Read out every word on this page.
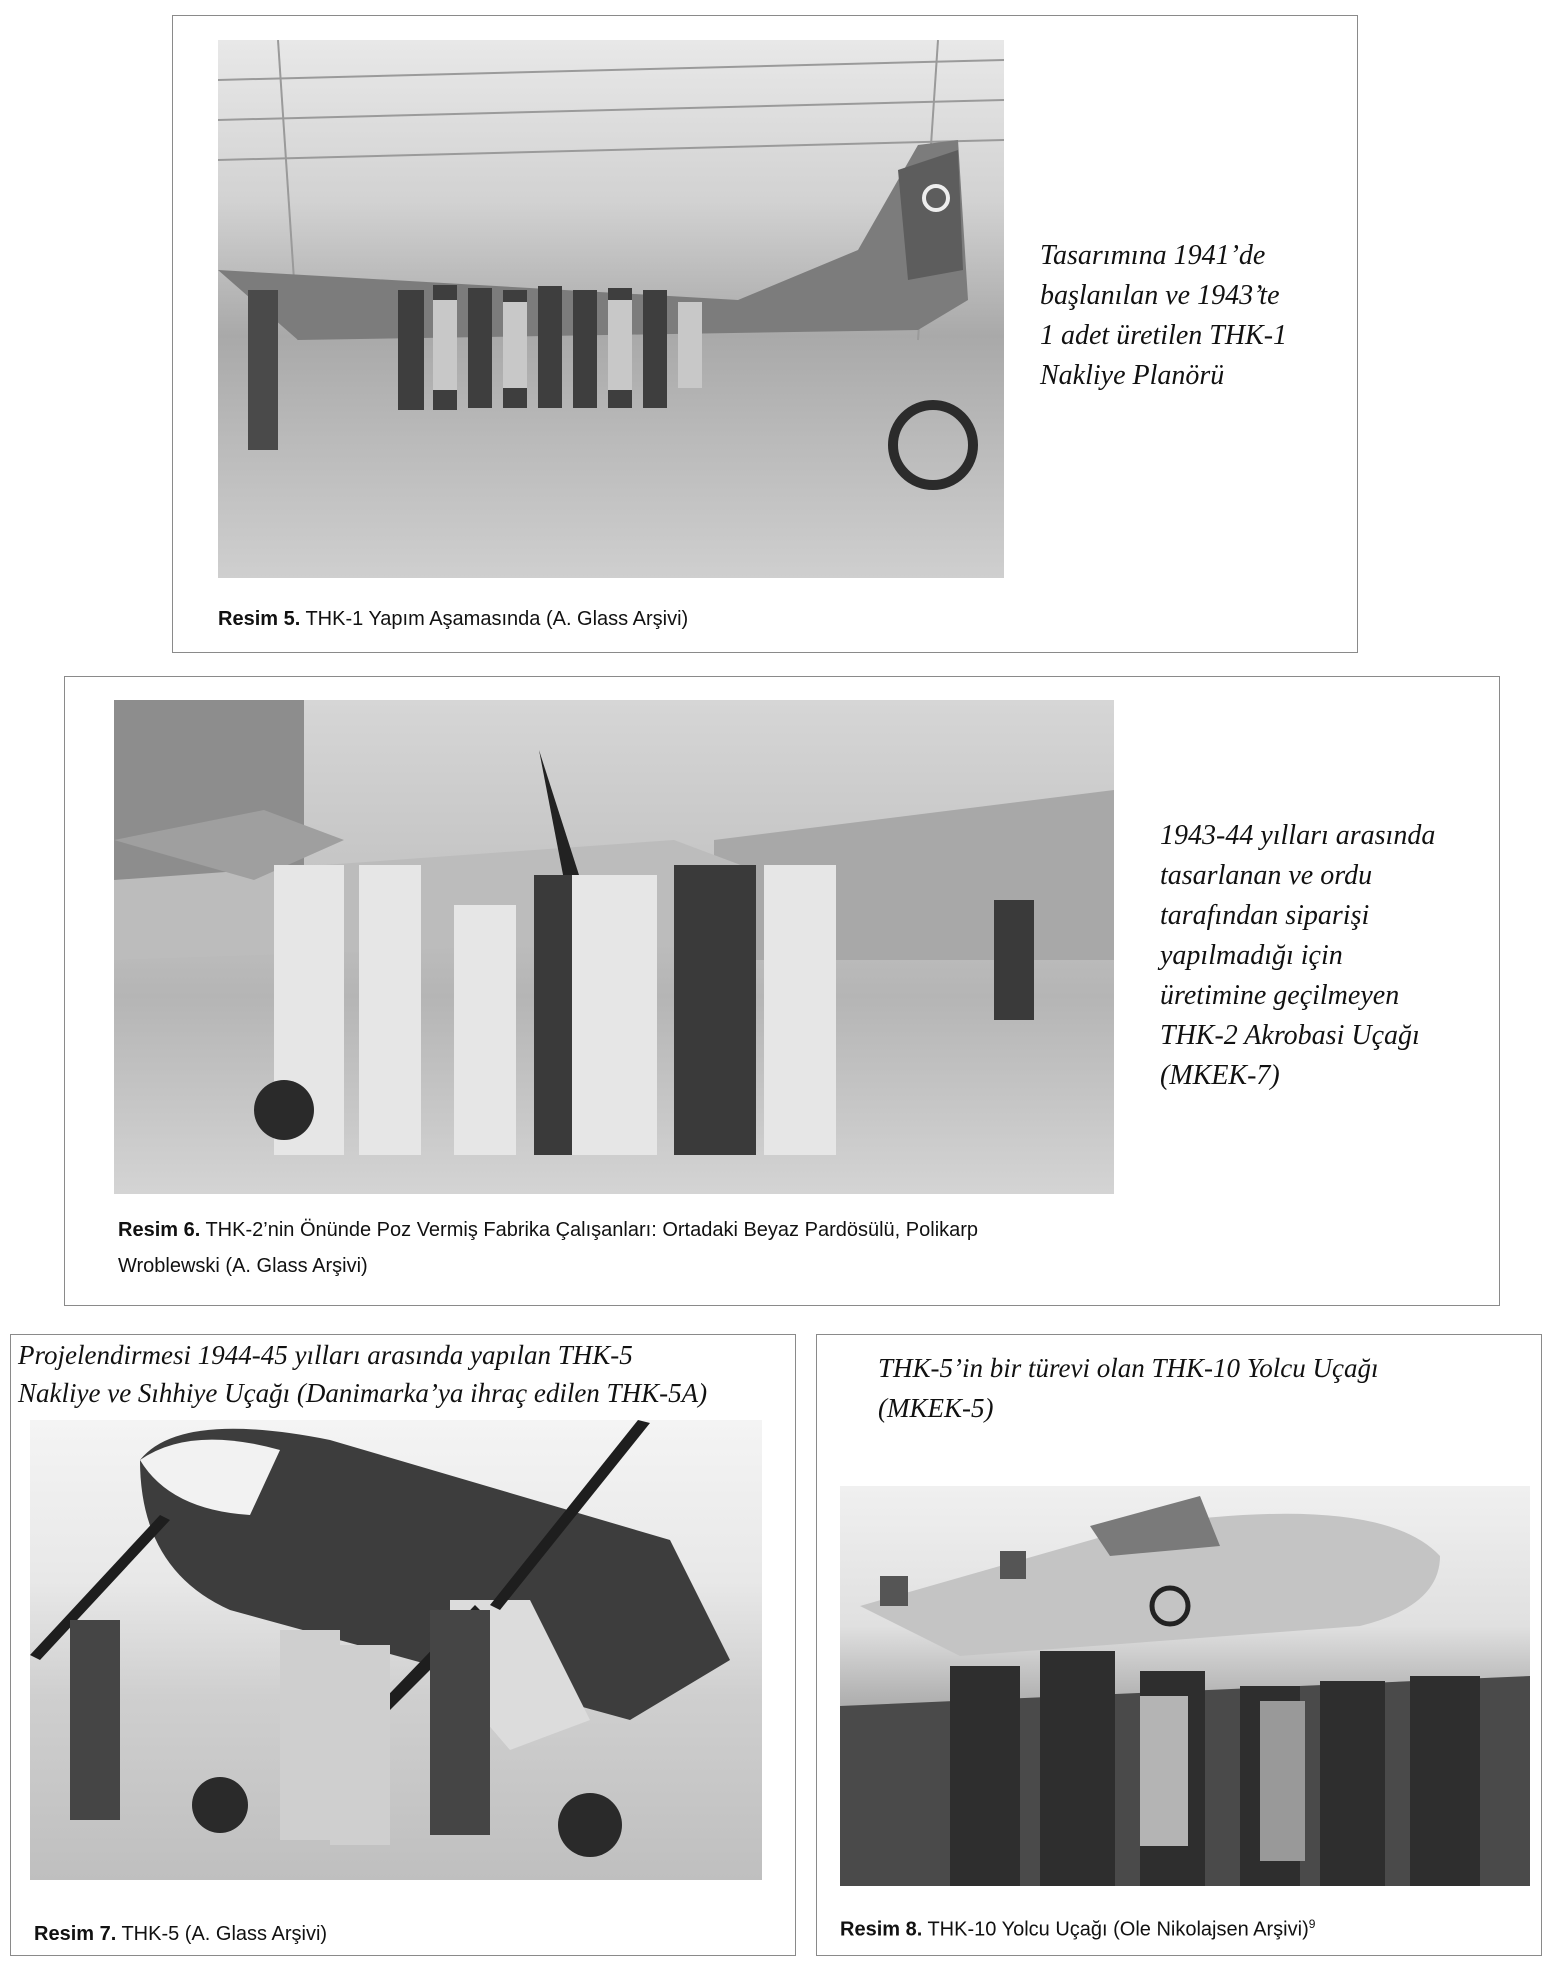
Tasarımına 1941’de
başlanılan ve 1943’te
1 adet üretilen THK-1
Nakliye Planörü

Resim 5. THK-1 Yapım Aşamasında (A. Glass Arşivi)

1943-44 yılları arasında
tasarlanan ve ordu
tarafından siparişi
yapılmadığı için
üretimine geçilmeyen
THK-2 Akrobasi Uçağı
(MKEK-7)

Resim 6. THK-2’nin Önünde Poz Vermiş Fabrika Çalışanları: Ortadaki Beyaz Pardösülü, Polikarp
Wroblewski (A. Glass Arşivi)

Projelendirmesi 1944-45 yılları arasında yapılan THK-5
Nakliye ve Sıhhiye Uçağı (Danimarka’ya ihraç edilen THK-5A)

Resim 7. THK-5 (A. Glass Arşivi)

THK-5’in bir türevi olan THK-10 Yolcu Uçağı
(MKEK-5)

Resim 8. THK-10 Yolcu Uçağı (Ole Nikolajsen Arşivi)$^9$
